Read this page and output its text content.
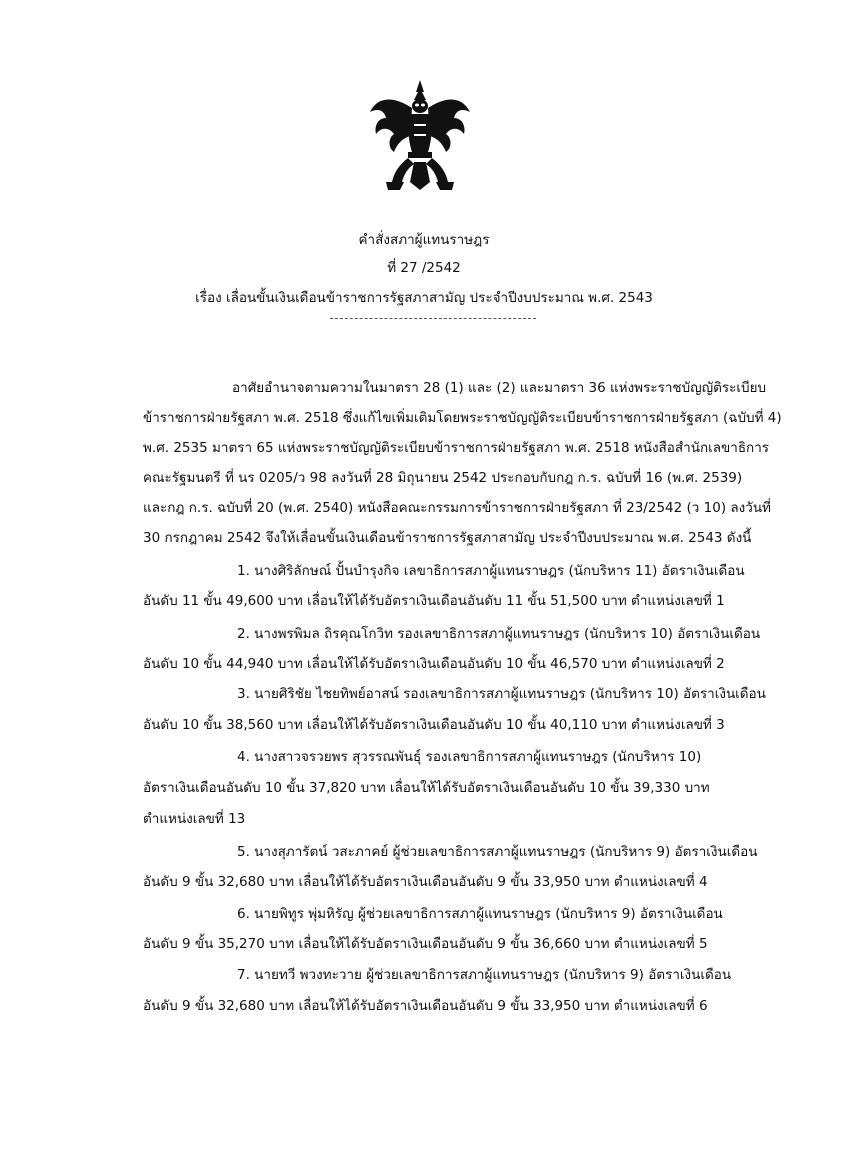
คำสั่งสภาผู้แทนราษฎร
ที่ 27 /2542
เรื่อง เลื่อนขั้นเงินเดือนข้าราชการรัฐสภาสามัญ ประจำปีงบประมาณ พ.ศ. 2543
อาศัยอำนาจตามความในมาตรา 28 (1) และ (2) และมาตรา 36 แห่งพระราชบัญญัติระเบียบ
ข้าราชการฝ่ายรัฐสภา พ.ศ. 2518 ซึ่งแก้ไขเพิ่มเติมโดยพระราชบัญญัติระเบียบข้าราชการฝ่ายรัฐสภา (ฉบับที่ 4)
พ.ศ. 2535 มาตรา 65 แห่งพระราชบัญญัติระเบียบข้าราชการฝ่ายรัฐสภา พ.ศ. 2518 หนังสือสำนักเลขาธิการ
คณะรัฐมนตรี ที่ นร 0205/ว 98 ลงวันที่ 28 มิถุนายน 2542 ประกอบกับกฎ ก.ร. ฉบับที่ 16 (พ.ศ. 2539)
และกฎ ก.ร. ฉบับที่ 20 (พ.ศ. 2540) หนังสือคณะกรรมการข้าราชการฝ่ายรัฐสภา ที่ 23/2542 (ว 10) ลงวันที่
30 กรกฎาคม 2542 จึงให้เลื่อนขั้นเงินเดือนข้าราชการรัฐสภาสามัญ ประจำปีงบประมาณ พ.ศ. 2543 ดังนี้
1. นางศิริลักษณ์ ปั้นบำรุงกิจ เลขาธิการสภาผู้แทนราษฎร (นักบริหาร 11) อัตราเงินเดือน
อันดับ 11 ขั้น 49,600 บาท เลื่อนให้ได้รับอัตราเงินเดือนอันดับ 11 ขั้น 51,500 บาท ตำแหน่งเลขที่ 1
2. นางพรพิมล ถิรคุณโกวิท รองเลขาธิการสภาผู้แทนราษฎร (นักบริหาร 10) อัตราเงินเดือน
อันดับ 10 ขั้น 44,940 บาท เลื่อนให้ได้รับอัตราเงินเดือนอันดับ 10 ขั้น 46,570 บาท ตำแหน่งเลขที่ 2
3. นายศิริชัย ไชยทิพย์อาสน์ รองเลขาธิการสภาผู้แทนราษฎร (นักบริหาร 10) อัตราเงินเดือน
อันดับ 10 ขั้น 38,560 บาท เลื่อนให้ได้รับอัตราเงินเดือนอันดับ 10 ขั้น 40,110 บาท ตำแหน่งเลขที่ 3
4. นางสาวจรวยพร สุวรรณพันธุ์ รองเลขาธิการสภาผู้แทนราษฎร (นักบริหาร 10)
อัตราเงินเดือนอันดับ 10 ขั้น 37,820 บาท เลื่อนให้ได้รับอัตราเงินเดือนอันดับ 10 ขั้น 39,330 บาท
ตำแหน่งเลขที่ 13
5. นางสุภารัตน์ วสะภาคย์ ผู้ช่วยเลขาธิการสภาผู้แทนราษฎร (นักบริหาร 9) อัตราเงินเดือน
อันดับ 9 ขั้น 32,680 บาท เลื่อนให้ได้รับอัตราเงินเดือนอันดับ 9 ขั้น 33,950 บาท ตำแหน่งเลขที่ 4
6. นายพิทูร พุ่มหิรัญ ผู้ช่วยเลขาธิการสภาผู้แทนราษฎร (นักบริหาร 9) อัตราเงินเดือน
อันดับ 9 ขั้น 35,270 บาท เลื่อนให้ได้รับอัตราเงินเดือนอันดับ 9 ขั้น 36,660 บาท ตำแหน่งเลขที่ 5
7. นายทวี พวงทะวาย ผู้ช่วยเลขาธิการสภาผู้แทนราษฎร (นักบริหาร 9) อัตราเงินเดือน
อันดับ 9 ขั้น 32,680 บาท เลื่อนให้ได้รับอัตราเงินเดือนอันดับ 9 ขั้น 33,950 บาท ตำแหน่งเลขที่ 6
